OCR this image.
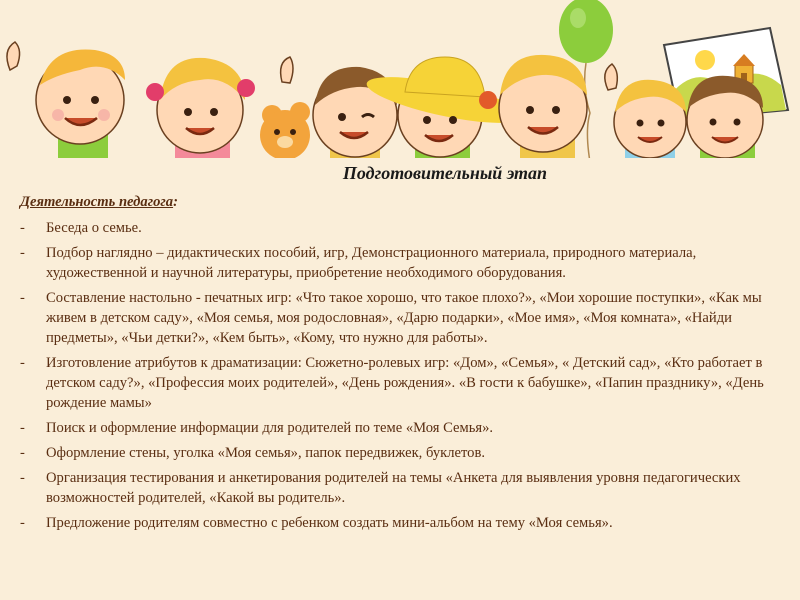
Подготовительный этап

Деятельность педагога:

- Беседа о семье.
- Подбор наглядно – дидактических пособий, игр, Демонстрационного материала, природного материала, художественной и научной литературы, приобретение необходимого оборудования.
- Составление настольно - печатных игр: «Что такое хорошо, что такое плохо?», «Мои хорошие поступки», «Как мы живем в детском саду», «Моя семья, моя родословная», «Дарю подарки», «Мое имя», «Моя комната», «Найди предметы», «Чьи детки?», «Кем быть», «Кому, что нужно для работы».
- Изготовление атрибутов к драматизации: Сюжетно-ролевых игр: «Дом», «Семья», « Детский сад», «Кто работает в детском саду?», «Профессия моих родителей», «День рождения». «В гости к бабушке», «Папин празднику», «День рождение мамы»
- Поиск и оформление информации для родителей по теме «Моя Семья».
- Оформление стены, уголка «Моя семья», папок передвижек, буклетов.
- Организация тестирования и анкетирования родителей на темы «Анкета для выявления уровня педагогических возможностей родителей, «Какой вы родитель».
- Предложение родителям совместно с ребенком создать мини-альбом на тему «Моя семья».
